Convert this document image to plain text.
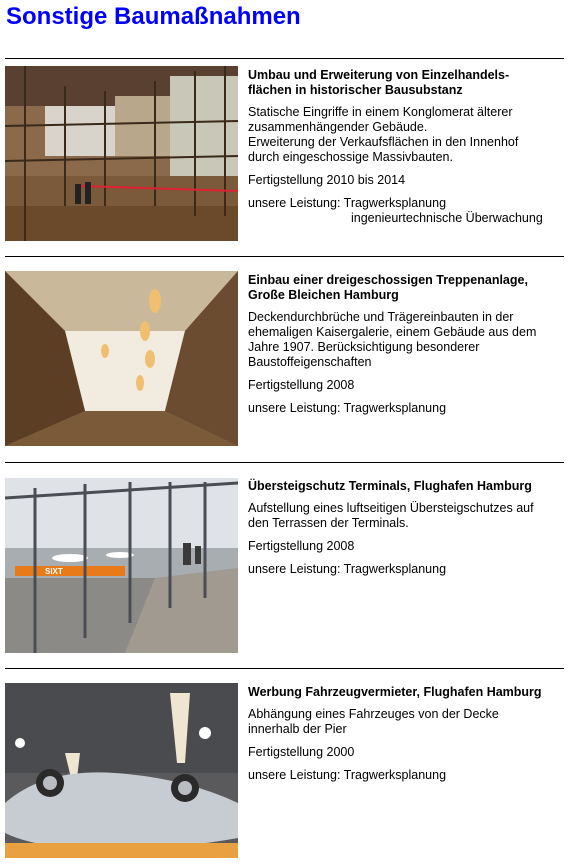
Sonstige Baumaßnahmen
Umbau und Erweiterung von Einzelhandels-
flächen in historischer Bausubstanz
Statische Eingriffe in einem Konglomerat älterer
zusammenhängender Gebäude.
Erweiterung der Verkaufsflächen in den Innenhof
durch eingeschossige Massivbauten.
Fertigstellung 2010 bis 2014
unsere Leistung: Tragwerksplanung
ingenieurtechnische Überwachung
Einbau einer dreigeschossigen Treppenanlage,
Große Bleichen Hamburg
Deckendurchbrüche und Trägereinbauten in der
ehemaligen Kaisergalerie, einem Gebäude aus dem
Jahre 1907. Berücksichtigung besonderer
Baustoffeigenschaften
Fertigstellung 2008
unsere Leistung: Tragwerksplanung
SIXT
Übersteigschutz Terminals, Flughafen Hamburg
Aufstellung eines luftseitigen Übersteigschutzes auf
den Terrassen der Terminals.
Fertigstellung 2008
unsere Leistung: Tragwerksplanung
Werbung Fahrzeugvermieter, Flughafen Hamburg
Abhängung eines Fahrzeuges von der Decke
innerhalb der Pier
Fertigstellung 2000
unsere Leistung: Tragwerksplanung
